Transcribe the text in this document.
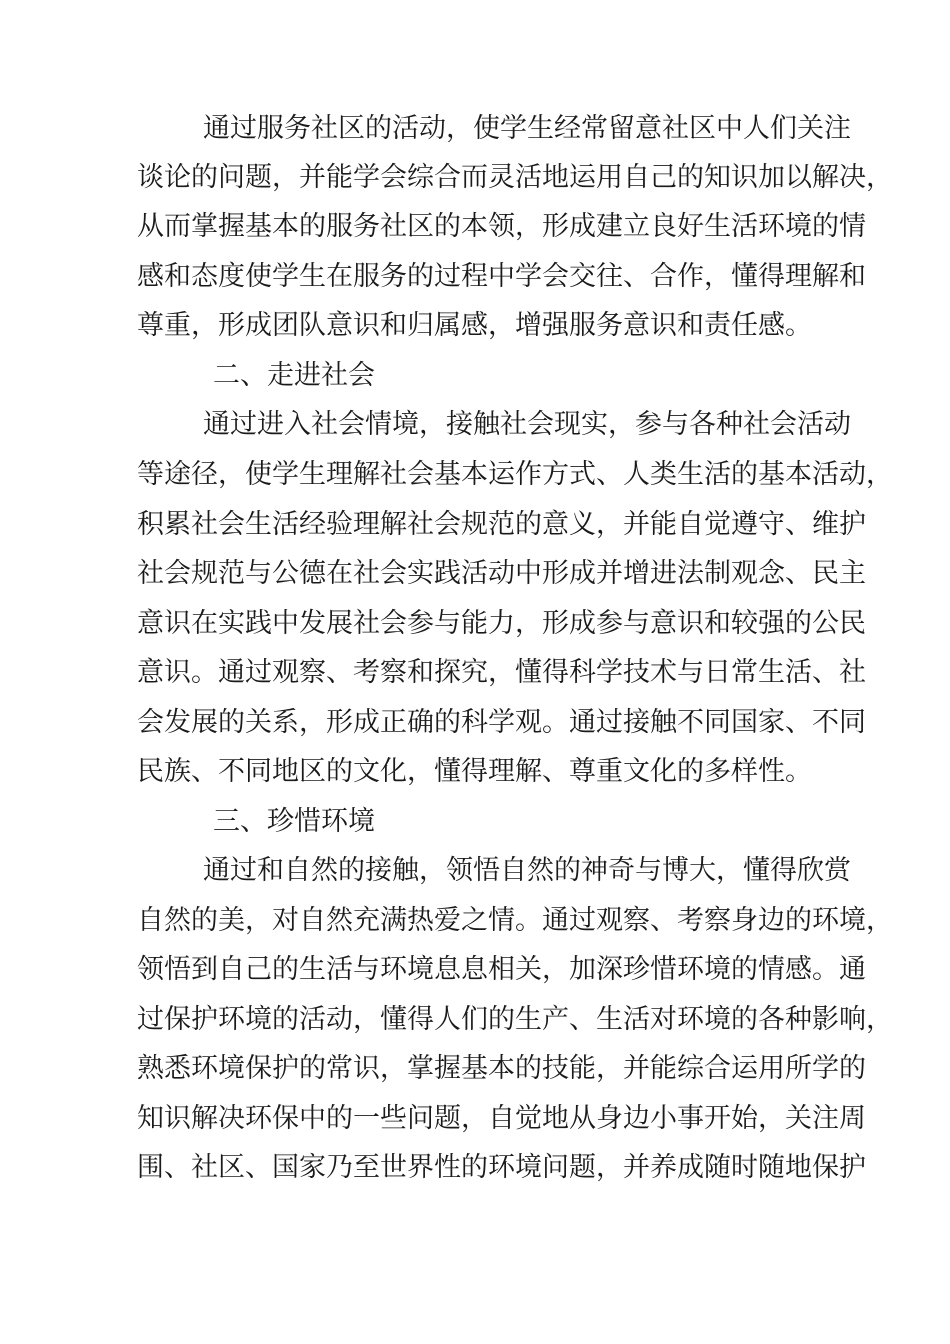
通过服务社区的活动，使学生经常留意社区中人们关注
谈论的问题，并能学会综合而灵活地运用自己的知识加以解决，
从而掌握基本的服务社区的本领，形成建立良好生活环境的情
感和态度使学生在服务的过程中学会交往、合作，懂得理解和
尊重，形成团队意识和归属感，增强服务意识和责任感。
二、走进社会
通过进入社会情境，接触社会现实，参与各种社会活动
等途径，使学生理解社会基本运作方式、人类生活的基本活动，
积累社会生活经验理解社会规范的意义，并能自觉遵守、维护
社会规范与公德在社会实践活动中形成并增进法制观念、民主
意识在实践中发展社会参与能力，形成参与意识和较强的公民
意识。通过观察、考察和探究，懂得科学技术与日常生活、社
会发展的关系，形成正确的科学观。通过接触不同国家、不同
民族、不同地区的文化，懂得理解、尊重文化的多样性。
三、珍惜环境
通过和自然的接触，领悟自然的神奇与博大，懂得欣赏
自然的美，对自然充满热爱之情。通过观察、考察身边的环境，
领悟到自己的生活与环境息息相关，加深珍惜环境的情感。通
过保护环境的活动，懂得人们的生产、生活对环境的各种影响，
熟悉环境保护的常识，掌握基本的技能，并能综合运用所学的
知识解决环保中的一些问题，自觉地从身边小事开始，关注周
围、社区、国家乃至世界性的环境问题，并养成随时随地保护
